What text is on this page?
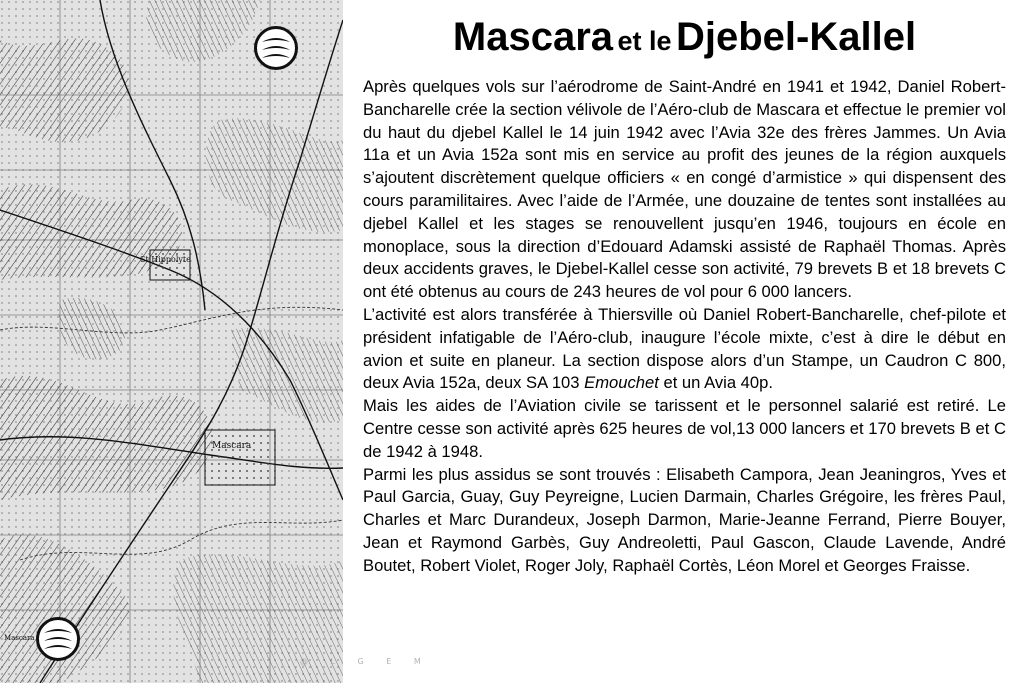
Mascara
St Hippolyte
Mascara
Mascara et le Djebel-Kallel

Après quelques vols sur l’aérodrome de Saint-André en 1941 et 1942, Daniel Robert-Bancharelle crée la section vélivole de l’Aéro-club de Mascara et effectue le premier vol du haut du djebel Kallel le 14 juin 1942 avec l’Avia 32e des frères Jammes. Un Avia 11a et un Avia 152a sont mis en service au profit des jeunes de la région auxquels s’ajoutent discrètement quelque officiers « en congé d’armistice » qui dispensent des cours paramilitaires. Avec l’aide de l’Armée, une douzaine de tentes sont installées au djebel Kallel et les stages se renouvellent jusqu’en 1946, toujours en école en monoplace, sous la direction d’Edouard Adamski assisté de Raphaël Thomas. Après deux accidents graves, le Djebel-Kallel cesse son activité, 79 brevets B et 18 brevets C ont été obtenus au cours de 243 heures de vol pour 6 000 lancers.

L’activité est alors transférée à Thiersville où Daniel Robert-Bancharelle, chef-pilote et président infatigable de l’Aéro-club, inaugure l’école mixte, c’est à dire le début en avion et suite en planeur. La section dispose alors d’un Stampe, un Caudron C 800, deux Avia 152a, deux SA 103 Emouchet et un Avia 40p.

Mais les aides de l’Aviation civile se tarissent et le personnel salarié est retiré. Le Centre cesse son activité après 625 heures de vol,13 000 lancers et 170 brevets B et C de 1942 à 1948.

Parmi les plus assidus se sont trouvés : Elisabeth Campora, Jean Jeaningros, Yves et Paul Garcia, Guay, Guy Peyreigne, Lucien Darmain, Charles Grégoire, les frères Paul, Charles et Marc Durandeux, Joseph Darmon, Marie-Jeanne Ferrand, Pierre Bouyer, Jean et Raymond Garbès, Guy Andreoletti, Paul Gascon, Claude Lavende, André Boutet, Robert Violet, Roger Joly, Raphaël Cortès, Léon Morel et Georges Fraisse.

@ L G E M
